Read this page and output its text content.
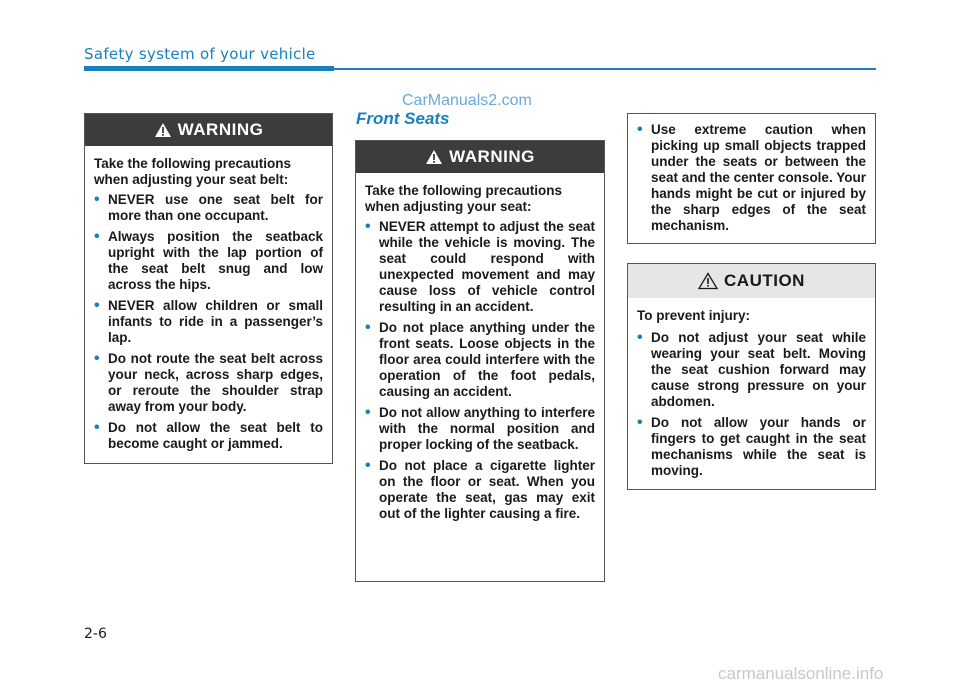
Safety system of your vehicle
CarManuals2.com
Front Seats
WARNING

Take the following precautions when adjusting your seat belt:

• NEVER use one seat belt for more than one occupant.
• Always position the seatback upright with the lap portion of the seat belt snug and low across the hips.
• NEVER allow children or small infants to ride in a passenger’s lap.
• Do not route the seat belt across your neck, across sharp edges, or reroute the shoulder strap away from your body.
• Do not allow the seat belt to become caught or jammed.
WARNING

Take the following precautions when adjusting your seat:

• NEVER attempt to adjust the seat while the vehicle is moving. The seat could respond with unexpected movement and may cause loss of vehicle control resulting in an accident.
• Do not place anything under the front seats. Loose objects in the floor area could interfere with the operation of the foot pedals, causing an accident.
• Do not allow anything to interfere with the normal position and proper locking of the seatback.
• Do not place a cigarette lighter on the floor or seat. When you operate the seat, gas may exit out of the lighter causing a fire.
• Use extreme caution when picking up small objects trapped under the seats or between the seat and the center console. Your hands might be cut or injured by the sharp edges of the seat mechanism.
CAUTION

To prevent injury:

• Do not adjust your seat while wearing your seat belt. Moving the seat cushion forward may cause strong pressure on your abdomen.
• Do not allow your hands or fingers to get caught in the seat mechanisms while the seat is moving.
2-6
carmanualsonline.info
